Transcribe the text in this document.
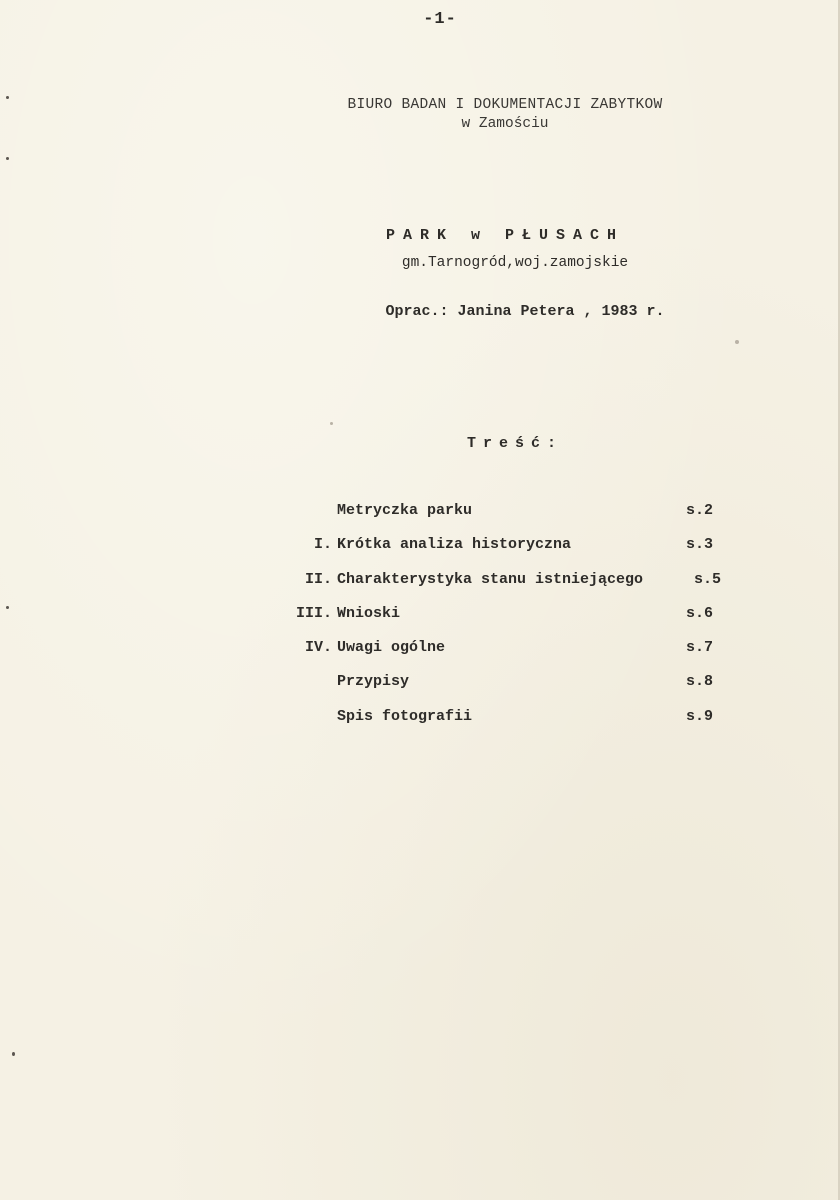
-1-
BIURO BADAN I DOKUMENTACJI ZABYTKOW
w Zamościu
PARK w PŁUSACH
gm.Tarnogród,woj.zamojskie
Oprac.: Janina Petera , 1983 r.
Treść:
Metryczka parku	s.2
I. Krótka analiza historyczna	s.3
II. Charakterystyka stanu istniejącego	s.5
III. Wnioski	s.6
IV. Uwagi ogólne	s.7
Przypisy	s.8
Spis fotografii	s.9
